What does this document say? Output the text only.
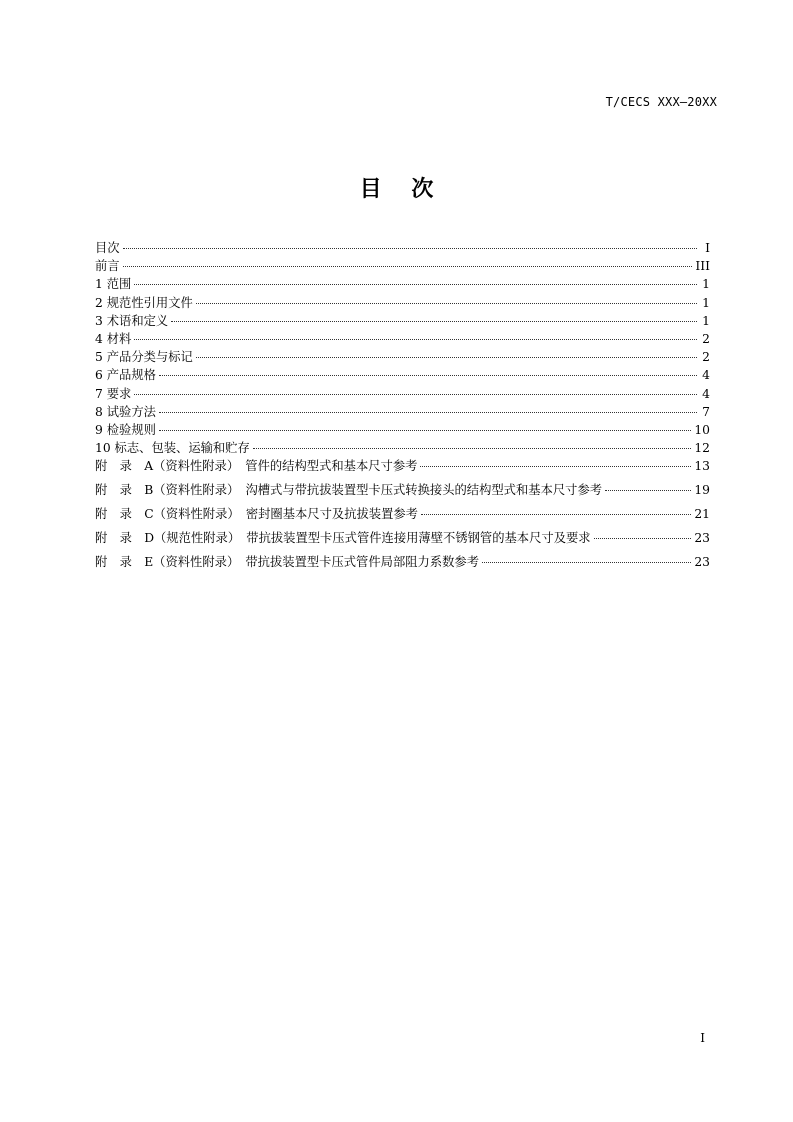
T/CECS XXX—20XX
目 次
目次	I
前言	III
1 范围	1
2 规范性引用文件	1
3 术语和定义	1
4 材料	2
5 产品分类与标记	2
6 产品规格	4
7 要求	4
8 试验方法	7
9 检验规则	10
10 标志、包装、运输和贮存	12
附　录　A（资料性附录）　管件的结构型式和基本尺寸参考	13
附　录　B（资料性附录）　沟槽式与带抗拔装置型卡压式转换接头的结构型式和基本尺寸参考	19
附　录　C（资料性附录）　密封圈基本尺寸及抗拔装置参考	21
附　录　D（规范性附录）　带抗拔装置型卡压式管件连接用薄壁不锈钢管的基本尺寸及要求	23
附　录　E（资料性附录）　带抗拔装置型卡压式管件局部阻力系数参考	23
I
